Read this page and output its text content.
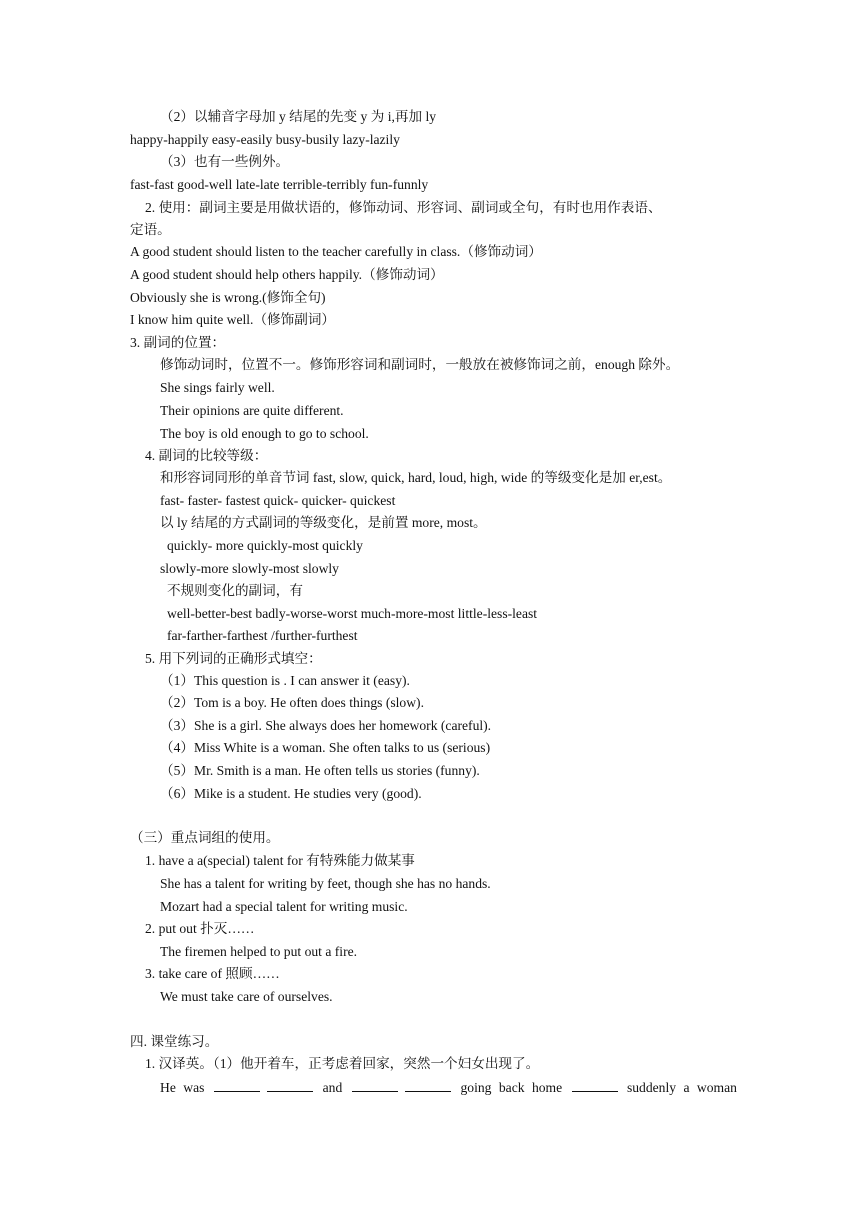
（2）以辅音字母加 y 结尾的先变 y 为 i,再加 ly
happy-happily easy-easily busy-busily lazy-lazily
（3）也有一些例外。
fast-fast good-well late-late terrible-terribly fun-funnly
2. 使用：副词主要是用做状语的，修饰动词、形容词、副词或全句，有时也用作表语、
定语。
A good student should listen to the teacher carefully in class.（修饰动词）
A good student should help others happily.（修饰动词）
Obviously she is wrong.(修饰全句)
I know him quite well.（修饰副词）
3. 副词的位置：
修饰动词时，位置不一。修饰形容词和副词时，一般放在被修饰词之前，enough 除外。
She sings fairly well.
Their opinions are quite different.
The boy is old enough to go to school.
4. 副词的比较等级：
和形容词同形的单音节词 fast, slow, quick, hard, loud, high, wide 的等级变化是加 er,est。
fast- faster- fastest quick- quicker- quickest
以 ly 结尾的方式副词的等级变化，是前置 more, most。
quickly- more quickly-most quickly
slowly-more slowly-most slowly
不规则变化的副词，有
well-better-best badly-worse-worst much-more-most little-less-least
far-farther-farthest /further-furthest
5. 用下列词的正确形式填空：
（1）This question is . I can answer it (easy).
（2）Tom is a boy. He often does things (slow).
（3）She is a girl. She always does her homework (careful).
（4）Miss White is a woman. She often talks to us (serious)
（5）Mr. Smith is a man. He often tells us stories (funny).
（6）Mike is a student. He studies very (good).
（三）重点词组的使用。
1. have a a(special) talent for 有特殊能力做某事
She has a talent for writing by feet, though she has no hands.
Mozart had a special talent for writing music.
2. put out 扑灭……
The firemen helped to put out a fire.
3. take care of 照顾……
We must take care of ourselves.
四. 课堂练习。
1. 汉译英。（1）他开着车，正考虑着回家，突然一个妇女出现了。
He was	and	going back home	suddenly a woman
